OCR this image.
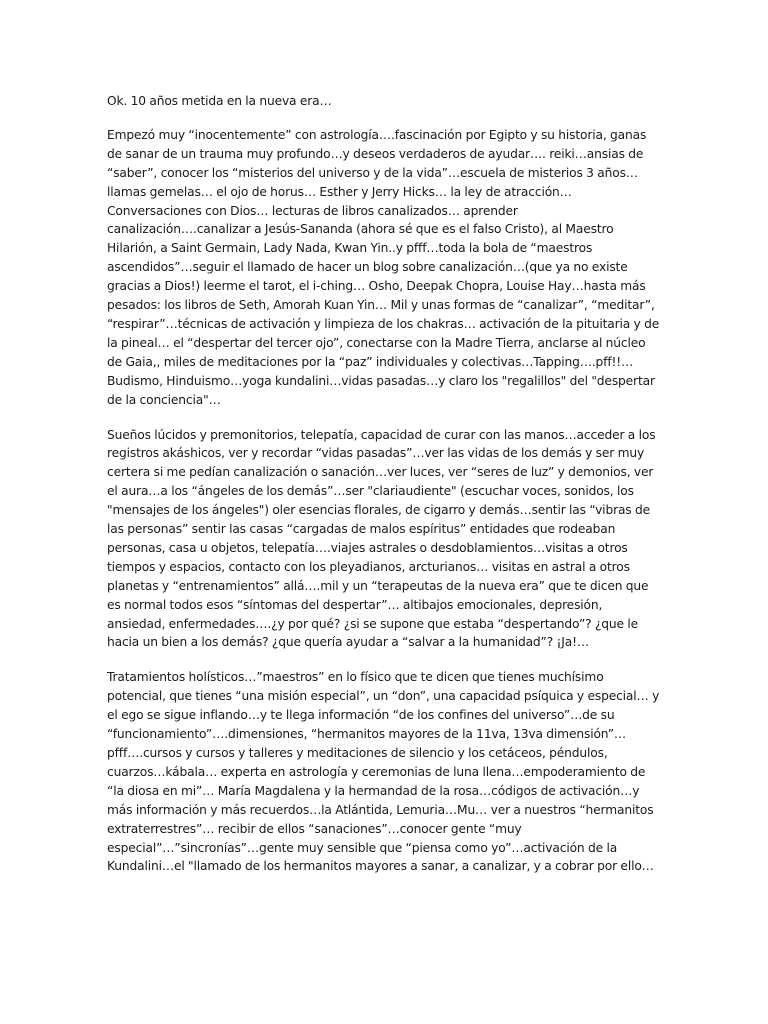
Ok. 10 años metida en la nueva era…

Empezó muy “inocentemente” con astrología….fascinación por Egipto y su historia, ganas de sanar de un trauma muy profundo…y deseos verdaderos de ayudar…. reiki…ansias de “saber”, conocer los “misterios del universo y de la vida”…escuela de misterios 3 años…llamas gemelas… el ojo de horus… Esther y Jerry Hicks… la ley de atracción…Conversaciones con Dios… lecturas de libros canalizados… aprender canalización….canalizar a Jesús-Sananda (ahora sé que es el falso Cristo), al Maestro Hilarión, a Saint Germain, Lady Nada, Kwan Yin..y pfff…toda la bola de “maestros ascendidos”…seguir el llamado de hacer un blog sobre canalización…(que ya no existe gracias a Dios!) leerme el tarot, el i-ching… Osho, Deepak Chopra, Louise Hay…hasta más pesados: los libros de Seth, Amorah Kuan Yin… Mil y unas formas de “canalizar”, “meditar”, “respirar”…técnicas de activación y limpieza de los chakras… activación de la pituitaria y de la pineal… el “despertar del tercer ojo”, conectarse con la Madre Tierra, anclarse al núcleo de Gaia,, miles de meditaciones por la “paz” individuales y colectivas…Tapping….pff!!… Budismo, Hinduismo…yoga kundalini…vidas pasadas…y claro los "regalillos" del "despertar de la conciencia"…

Sueños lúcidos y premonitorios, telepatía, capacidad de curar con las manos…acceder a los registros akáshicos, ver y recordar “vidas pasadas”…ver las vidas de los demás y ser muy certera si me pedían canalización o sanación…ver luces, ver “seres de luz” y demonios, ver el aura…a los “ángeles de los demás”…ser "clariaudiente" (escuchar voces, sonidos, los "mensajes de los ángeles") oler esencias florales, de cigarro y demás…sentir las “vibras de las personas” sentir las casas “cargadas de malos espíritus” entidades que rodeaban personas, casa u objetos, telepatía….viajes astrales o desdoblamientos…visitas a otros tiempos y espacios, contacto con los pleyadianos, arcturianos… visitas en astral a otros planetas y “entrenamientos” allá….mil y un “terapeutas de la nueva era” que te dicen que es normal todos esos “síntomas del despertar”… altibajos emocionales, depresión, ansiedad, enfermedades….¿y por qué? ¿si se supone que estaba “despertando”? ¿que le hacia un bien a los demás? ¿que quería ayudar a “salvar a la humanidad”? ¡Ja!…

Tratamientos holísticos…”maestros” en lo físico que te dicen que tienes muchísimo potencial, que tienes “una misión especial”, un “don”, una capacidad psíquica y especial… y el ego se sigue inflando…y te llega información “de los confines del universo”…de su “funcionamiento”….dimensiones, “hermanitos mayores de la 11va, 13va dimensión”…pfff….cursos y cursos y talleres y meditaciones de silencio y los cetáceos, péndulos, cuarzos…kábala… experta en astrología y ceremonias de luna llena…empoderamiento de “la diosa en mi”… María Magdalena y la hermandad de la rosa…códigos de activación…y más información y más recuerdos…la Atlántida, Lemuria…Mu… ver a nuestros “hermanitos extraterrestres”… recibir de ellos “sanaciones”…conocer gente “muy especial”…”sincronías”…gente muy sensible que “piensa como yo”…activación de la Kundalini…el "llamado de los hermanitos mayores a sanar, a canalizar, y a cobrar por ello…
